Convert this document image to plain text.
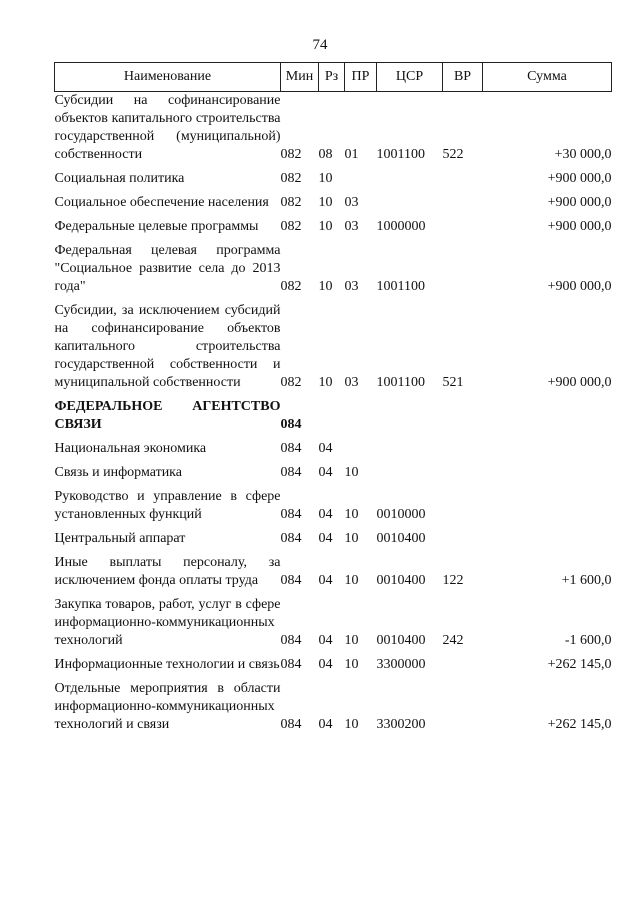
74
Наименование	Мин	Рз	ПР	ЦСР	ВР	Сумма
Субсидии на софинансирование объектов капитального строительства государственной (муниципальной) собственности	082	08	01	1001100	522	+30 000,0

Социальная политика	082	10				+900 000,0

Социальное обеспечение населения	082	10	03			+900 000,0

Федеральные целевые программы	082	10	03	1000000		+900 000,0

Федеральная целевая программа "Социальное развитие села до 2013 года"	082	10	03	1001100		+900 000,0

Субсидии, за исключением субсидий на софинансирование объектов капитального строительства государственной собственности и муниципальной собственности	082	10	03	1001100	521	+900 000,0

ФЕДЕРАЛЬНОЕ АГЕНТСТВО СВЯЗИ	084					

Национальная экономика	084	04				

Связь и информатика	084	04	10			

Руководство и управление в сфере установленных функций	084	04	10	0010000		

Центральный аппарат	084	04	10	0010400		

Иные выплаты персоналу, за исключением фонда оплаты труда	084	04	10	0010400	122	+1 600,0

Закупка товаров, работ, услуг в сфере информационно-коммуникационных технологий	084	04	10	0010400	242	-1 600,0

Информационные технологии и связь	084	04	10	3300000		+262 145,0

Отдельные мероприятия в области информационно-коммуникационных технологий и связи	084	04	10	3300200		+262 145,0
